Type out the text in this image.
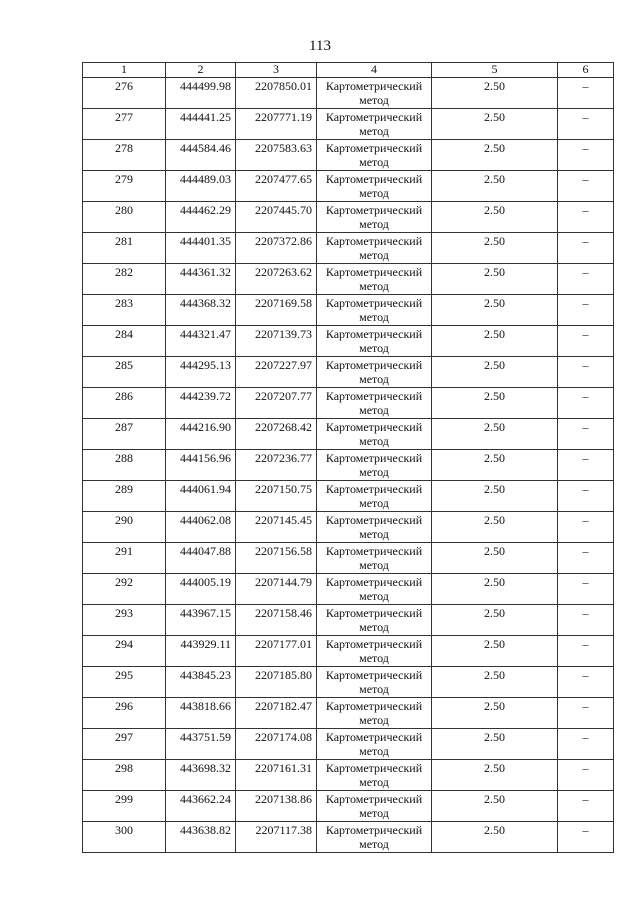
113
1	2	3	4	5	6
276	444499.98	2207850.01	Картометрический метод	2.50	–
277	444441.25	2207771.19	Картометрический метод	2.50	–
278	444584.46	2207583.63	Картометрический метод	2.50	–
279	444489.03	2207477.65	Картометрический метод	2.50	–
280	444462.29	2207445.70	Картометрический метод	2.50	–
281	444401.35	2207372.86	Картометрический метод	2.50	–
282	444361.32	2207263.62	Картометрический метод	2.50	–
283	444368.32	2207169.58	Картометрический метод	2.50	–
284	444321.47	2207139.73	Картометрический метод	2.50	–
285	444295.13	2207227.97	Картометрический метод	2.50	–
286	444239.72	2207207.77	Картометрический метод	2.50	–
287	444216.90	2207268.42	Картометрический метод	2.50	–
288	444156.96	2207236.77	Картометрический метод	2.50	–
289	444061.94	2207150.75	Картометрический метод	2.50	–
290	444062.08	2207145.45	Картометрический метод	2.50	–
291	444047.88	2207156.58	Картометрический метод	2.50	–
292	444005.19	2207144.79	Картометрический метод	2.50	–
293	443967.15	2207158.46	Картометрический метод	2.50	–
294	443929.11	2207177.01	Картометрический метод	2.50	–
295	443845.23	2207185.80	Картометрический метод	2.50	–
296	443818.66	2207182.47	Картометрический метод	2.50	–
297	443751.59	2207174.08	Картометрический метод	2.50	–
298	443698.32	2207161.31	Картометрический метод	2.50	–
299	443662.24	2207138.86	Картометрический метод	2.50	–
300	443638.82	2207117.38	Картометрический метод	2.50	–
